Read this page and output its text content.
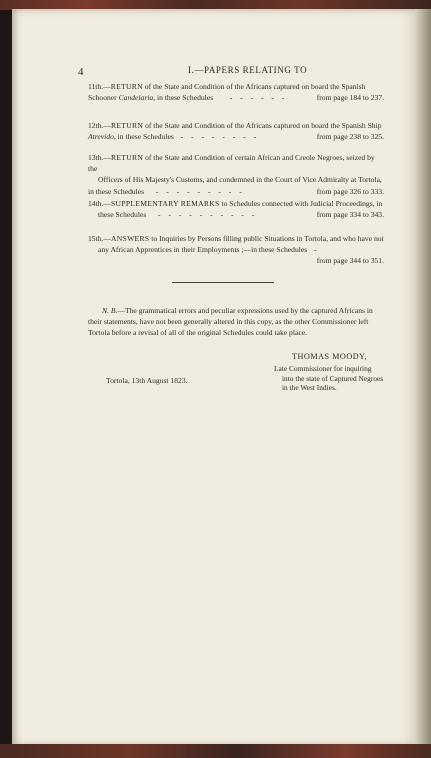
4	I.—PAPERS RELATING TO
11th.—RETURN of the State and Condition of the Africans captured on board the Spanish
Schooner Candelaria, in these Schedules    - - - - - -	from page 184 to 237.
12th.—RETURN of the State and Condition of the Africans captured on board the Spanish Ship
Atrevido, in these Schedules  - - - - - - - -	from page 238 to 325.
13th.—RETURN of the State and Condition of certain African and Creole Negroes, seized by the
Officers of His Majesty's Customs, and condemned in the Court of Vice Admiralty at Tortola,
in these Schedules   - - - - - - - - -	from page 326 to 333.
14th.—SUPPLEMENTARY REMARKS to Schedules connected with Judicial Proceedings, in
these Schedules   - - - - - - - - - -	from page 334 to 343.
15th.—ANSWERS to Inquiries by Persons filling public Situations in Tortola, and who have not
any African Apprentices in their Employments ;—in these Schedules  -
from page 344 to 351.
N. B.—The grammatical errors and peculiar expressions used by the captured Africans in their statements, have not been generally altered in this copy, as the other Commissioner left Tortola before a revisal of all of the original Schedules could take place.
THOMAS MOODY,
Late Commissioner for inquiring
into the state of Captured Negroes
in the West Indies.
Tortola, 13th August 1823.
